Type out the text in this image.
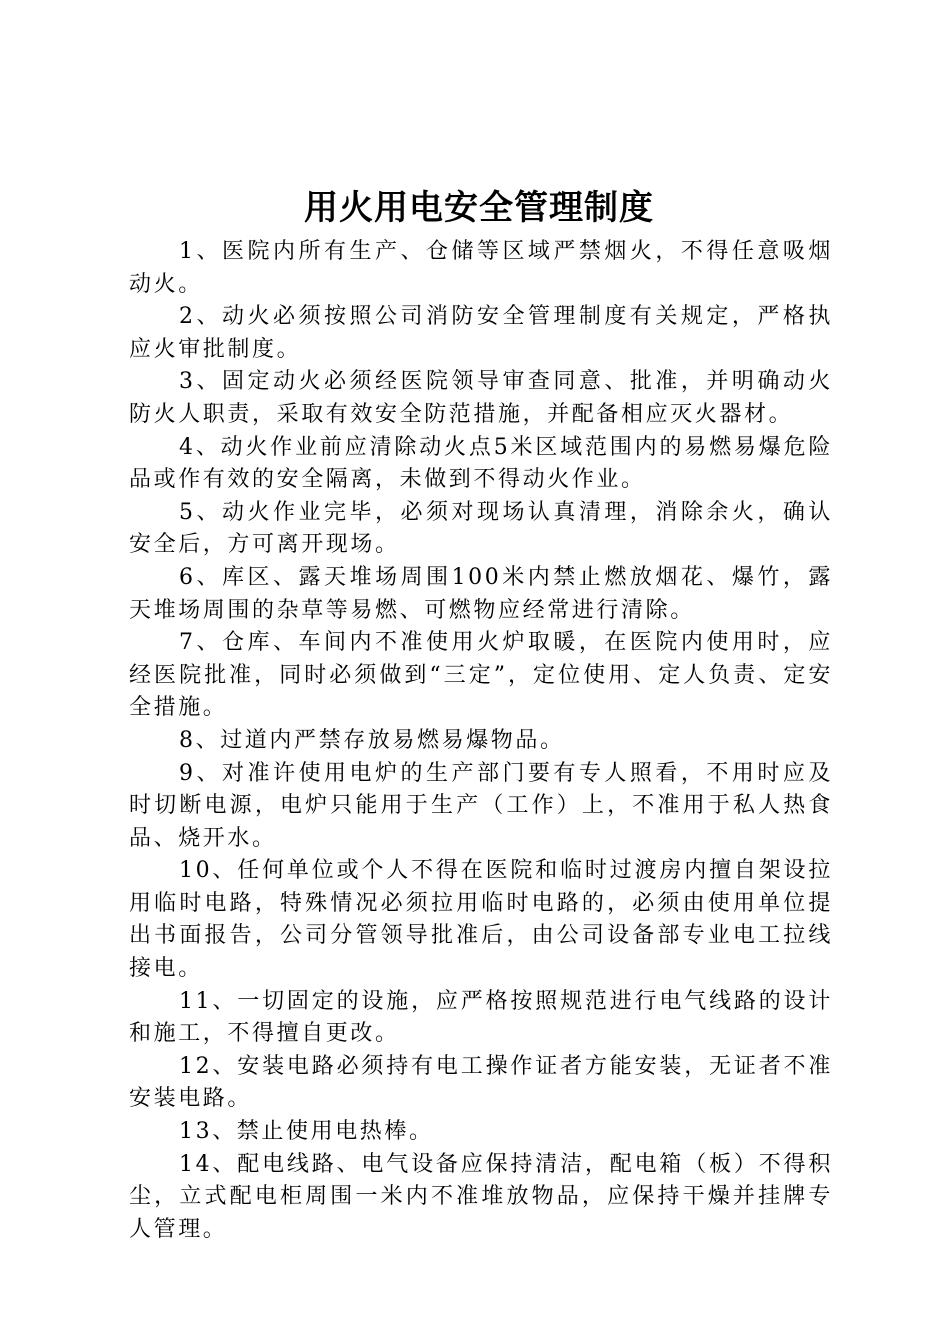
用火用电安全管理制度

1、医院内所有生产、仓储等区域严禁烟火，不得任意吸烟动火。

2、动火必须按照公司消防安全管理制度有关规定，严格执应火审批制度。

3、固定动火必须经医院领导审查同意、批准，并明确动火防火人职责，采取有效安全防范措施，并配备相应灭火器材。

4、动火作业前应清除动火点5米区域范围内的易燃易爆危险品或作有效的安全隔离，未做到不得动火作业。

5、动火作业完毕，必须对现场认真清理，消除余火，确认安全后，方可离开现场。

6、库区、露天堆场周围100米内禁止燃放烟花、爆竹，露天堆场周围的杂草等易燃、可燃物应经常进行清除。

7、仓库、车间内不准使用火炉取暖，在医院内使用时，应经医院批准，同时必须做到“三定”，定位使用、定人负责、定安全措施。

8、过道内严禁存放易燃易爆物品。

9、对准许使用电炉的生产部门要有专人照看，不用时应及时切断电源，电炉只能用于生产（工作）上，不准用于私人热食品、烧开水。

10、任何单位或个人不得在医院和临时过渡房内擅自架设拉用临时电路，特殊情况必须拉用临时电路的，必须由使用单位提出书面报告，公司分管领导批准后，由公司设备部专业电工拉线接电。

11、一切固定的设施，应严格按照规范进行电气线路的设计和施工，不得擅自更改。

12、安装电路必须持有电工操作证者方能安装，无证者不准安装电路。

13、禁止使用电热棒。

14、配电线路、电气设备应保持清洁，配电箱（板）不得积尘，立式配电柜周围一米内不准堆放物品，应保持干燥并挂牌专人管理。
